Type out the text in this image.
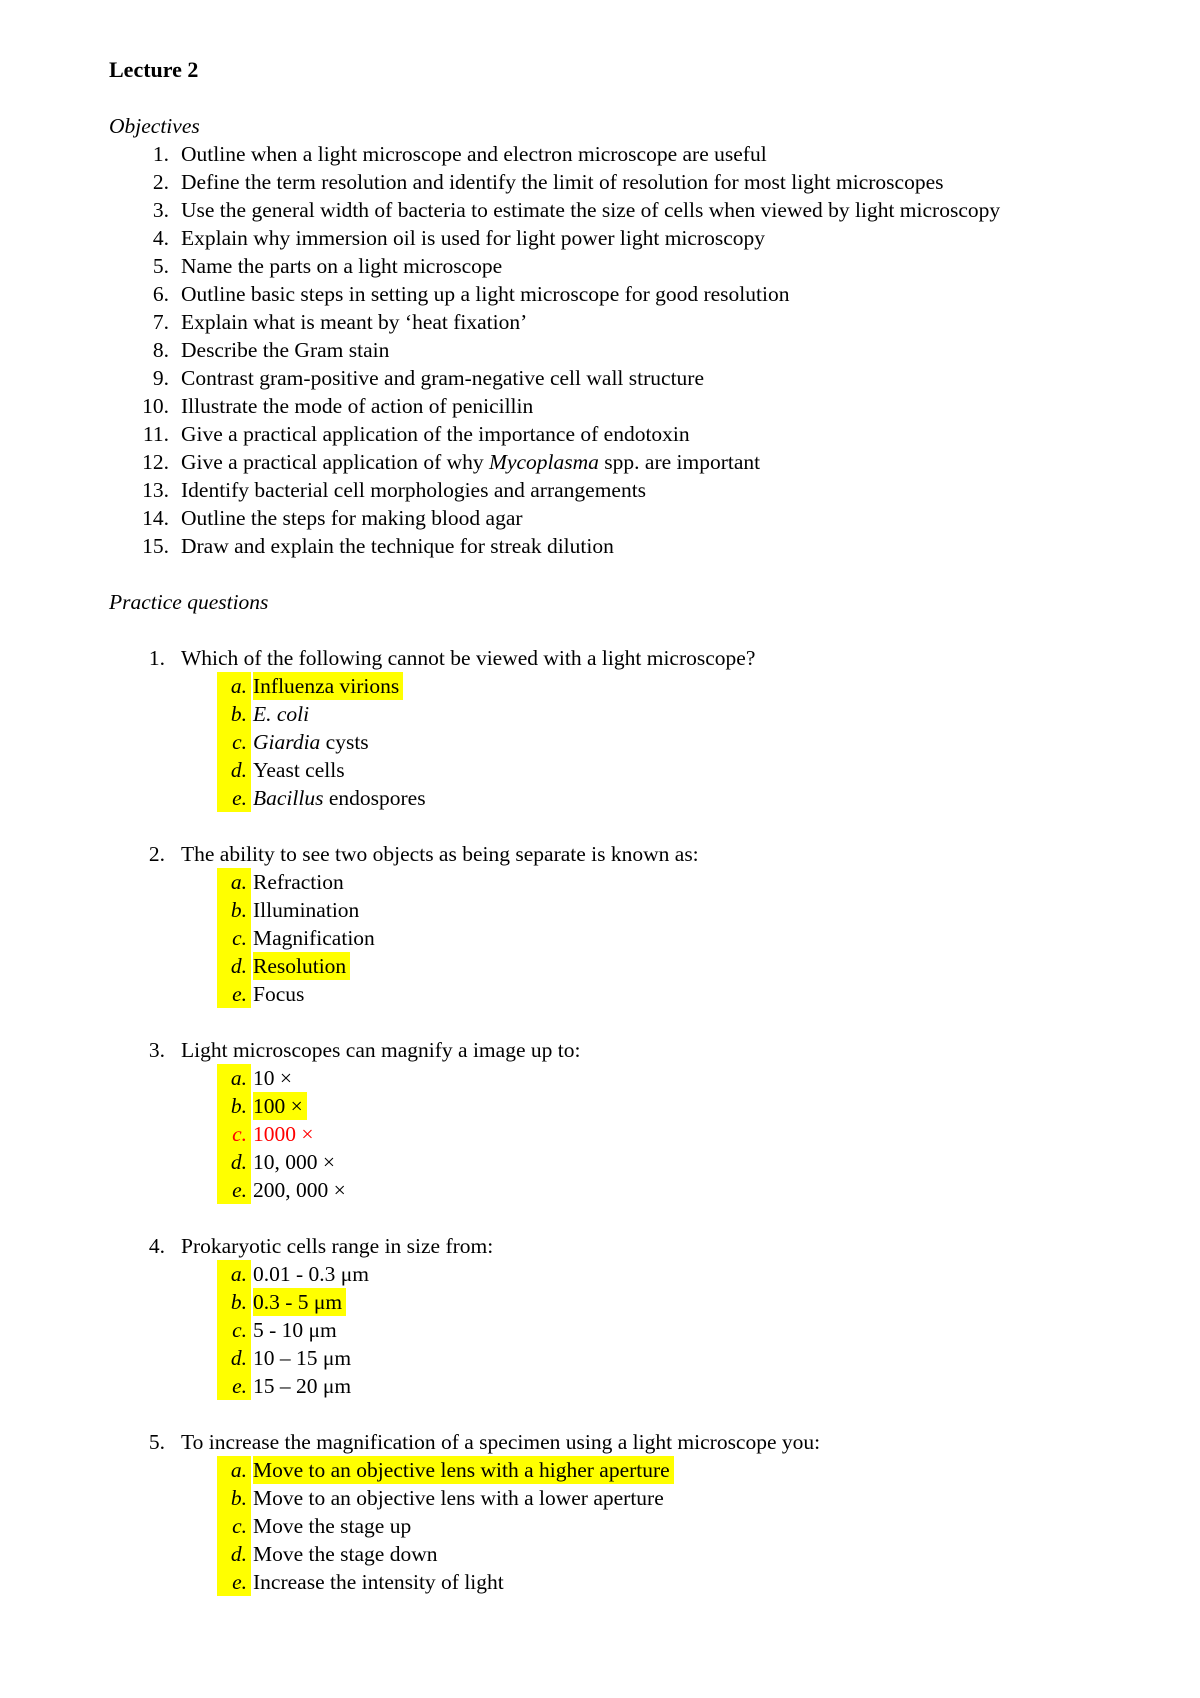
Lecture 2
Objectives
1. Outline when a light microscope and electron microscope are useful
2. Define the term resolution and identify the limit of resolution for most light microscopes
3. Use the general width of bacteria to estimate the size of cells when viewed by light microscopy
4. Explain why immersion oil is used for light power light microscopy
5. Name the parts on a light microscope
6. Outline basic steps in setting up a light microscope for good resolution
7. Explain what is meant by ‘heat fixation’
8. Describe the Gram stain
9. Contrast gram-positive and gram-negative cell wall structure
10. Illustrate the mode of action of penicillin
11. Give a practical application of the importance of endotoxin
12. Give a practical application of why Mycoplasma spp. are important
13. Identify bacterial cell morphologies and arrangements
14. Outline the steps for making blood agar
15. Draw and explain the technique for streak dilution
Practice questions
1. Which of the following cannot be viewed with a light microscope?
a. Influenza virions
b. E. coli
c. Giardia cysts
d. Yeast cells
e. Bacillus endospores
2. The ability to see two objects as being separate is known as:
a. Refraction
b. Illumination
c. Magnification
d. Resolution
e. Focus
3. Light microscopes can magnify a image up to:
a. 10 ×
b. 100 ×
c. 1000 ×
d. 10, 000 ×
e. 200, 000 ×
4. Prokaryotic cells range in size from:
a. 0.01 - 0.3 μm
b. 0.3 - 5 μm
c. 5 - 10 μm
d. 10 – 15 μm
e. 15 – 20 μm
5. To increase the magnification of a specimen using a light microscope you:
a. Move to an objective lens with a higher aperture
b. Move to an objective lens with a lower aperture
c. Move the stage up
d. Move the stage down
e. Increase the intensity of light
